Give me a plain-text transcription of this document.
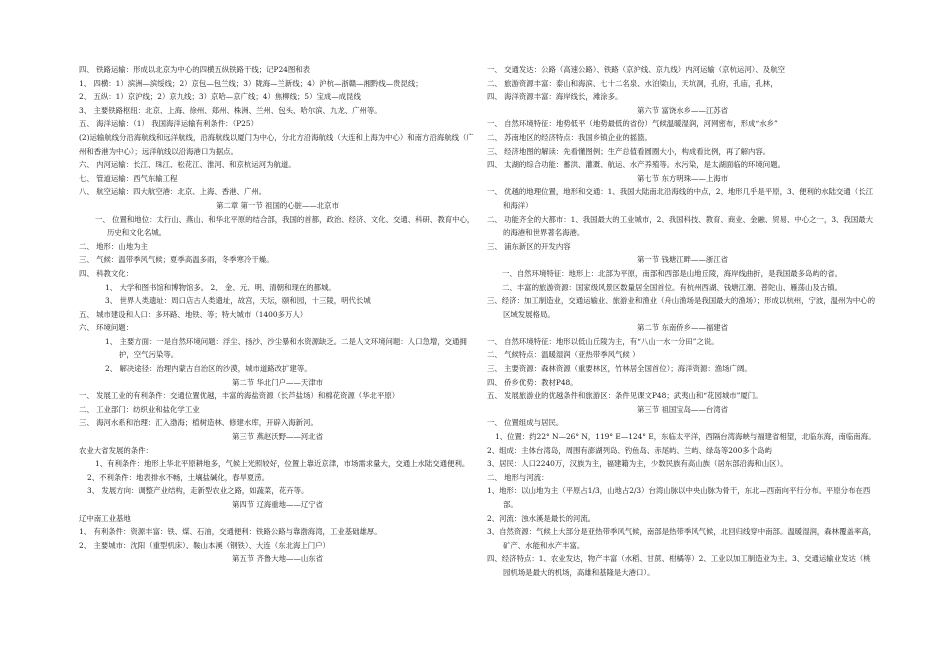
四、 铁路运输：形成以北京为中心的四横五纵铁路干线；记P24图和表

1、 四横：1）滨洲—滨绥线；2）京包—包兰线；3）陇海—兰新线；4）沪杭—浙赣—湘黔线—贵昆线；

2、 五纵：1）京沪线；2）京九线；3）京哈—京广线；4）焦柳线；5）宝成—成昆线

3、 主要铁路枢纽：北京、上海、徐州、郑州、株洲、兰州、包头、哈尔滨、九龙、广州等。

五、 海洋运输：（1） 我国海洋运输有利条件：（P25）

(2)运输航线分沿海航线和远洋航线，沿海航线以厦门为中心，分北方沿海航线（大连和上海为中心）和南方沿海航线（广州和香港为中心）；远洋航线以沿海港口为据点。

六、 内河运输：长江、珠江、松花江、淮河、和京杭运河为航道。

七、 管道运输：西气东输工程

八、 航空运输：四大航空港：北京、上海、香港、广州。

第二章 第一节 祖国的心脏——北京市

一、 位置和地位：太行山、燕山、和华北平原的结合部，我国的首都，政治、经济、文化、交通、科研、教育中心，历史和文化名城。

二、 地形：山地为主

三、 气候：温带季风气候；夏季高温多雨，冬季寒冷干燥。

四、 科教文化：

1、 大学和图书馆和博物馆多。 2、 金、元、明、清朝和现在的都城。

3、 世界人类遗址：周口店古人类遗址，故宫，天坛，颐和园，十三陵，明代长城

五、 城市建设和人口：多环路、地铁、等；特大城市（1400多万人）

六、 环境问题：

1、 主要方面：一是自然环境问题：浮尘、扬沙、沙尘暴和水资源缺乏。二是人文环境问题：人口急增，交通拥护，空气污染等。

2、 解决途径：治理内蒙古自治区的沙漠，城市道路改扩建等。

第二节 华北门户——天津市

一、 发展工业的有利条件：交通位置优越，丰富的海盐资源（长芦盐场）和棉花资源（华北平原）

二、 工业部门：纺织业和盐化学工业

三、 海河水系和治理：汇入渤海；植树造林、修建水库，开辟入海新河。

第三节 燕赵沃野——河北省

农业大省发展的条件：

1、有利条件：地形上华北平原耕地多，气候上光照较好，位置上靠近京津，市场需求量大，交通上水陆交通便利。

2、不利条件：地表排水不畅，土壤盐碱化，春旱夏涝。

3、 发展方向：调整产业结构，走新型农业之路，如蔬菜，花卉等。

第四节 辽海重地——辽宁省

辽中南工业基地

1、 有利条件：资源丰富：铁、煤、石油，交通便利：铁路公路与靠渤海湾，工业基础雄厚。

2、 主要城市：沈阳（重型机床）、鞍山本溪（钢铁）、大连（东北海上门户）

第五节 齐鲁大地——山东省

一、 交通发达：公路（高速公路）、铁路（京沪线、京九线）内河运输（京杭运河）、及航空

二、 旅游资源丰富：泰山和海滨、七十二名泉、水泊梁山，天坑洞，孔府，孔庙，孔林，

四、 海洋资源丰富：海岸线长，滩涂多。

第六节 富饶水乡——江苏省

一、 自然环境特征：地势低平（地势最低的省份）气候温暖湿润，河网密布，形成“水乡”

二、 苏南地区的经济特点：我国乡镇企业的摇篮。

三、 经济地图的解读：先看懂图例；生产总值看圆圈大小，构成看比例，再了解内容。

四、 太湖的综合功能：蓄洪、灌溉、航运、水产养殖等。水污染，是太湖面临的环境问题。

第七节 东方明珠——上海市

一、 优越的地理位置，地形和交通：1、我国大陆南北沿海线的中点，2、地形几乎是平原，3、便利的水陆交通（长江和海洋）

二、 功能齐全的大都市：1、我国最大的工业城市，2、我国科技、教育、商业、金融、贸易、中心之一，3、我国最大的海港和世界著名海港。

三、 浦东新区的开发内容

第一节 钱塘江畔——浙江省

一、自然环境特征：地形上：北部为平原，南部和西部是山地丘陵，海岸线曲折，是我国最多岛屿的省。

二、丰富的旅游资源：国家级风景区数量居全国首位。有杭州西湖、钱塘江潮、普陀山、雁荡山及古镇。

三、经济：加工制造业，交通运输业、旅游业和渔业（舟山渔场是我国最大的渔场）；形成以杭州，宁波，温州为中心的区域发展格局。

第二节 东南侨乡——福建省

一、 自然环境特征：地形以低山丘陵为主，有“八山一水一分田”之说。

二、 气候特点：温暖湿润（亚热带季风气候 ）

三、 主要资源：森林资源（重要林区，竹林居全国首位）；海洋资源：渔场广阔。

四、 侨乡优势：教材P48。

五、 发展旅游业的优越条件和旅游区：条件见课文P48；武夷山和“花园城市”厦门。

第三节 祖国宝岛——台湾省

一、 位置组成与居民。

1、位置：约22° N—26° N，119° E—124° E，东临太平洋，西隔台湾海峡与福建省相望，北临东海，南临南海。

2、组成：主体台湾岛，周围有澎湖列岛、钓鱼岛、赤尾屿、兰屿、绿岛等200多个岛屿

3、居民：人口2240万，汉族为主，福建籍为主，少数民族有高山族（居东部沿海和山区）。

二、 地形与河流：

1、地形：以山地为主（平原占1/3，山地占2/3）台湾山脉以中央山脉为骨干，东北—西南向平行分布。平原分布在西部。

2、河流：浊水溪是最长的河流。

3、自然资源：气候上大部分是亚热带季风气候，南部是热带季风气候，北回归线穿中南部。温暖湿润，森林覆盖率高，矿产、水能和水产丰富。

四、经济特点：1、农业发达，物产丰富（水稻、甘蔗、柑橘等）2、工业以加工制造业为主。3、交通运输业发达（桃园机场是最大的机场，高雄和基隆是大港口）。
